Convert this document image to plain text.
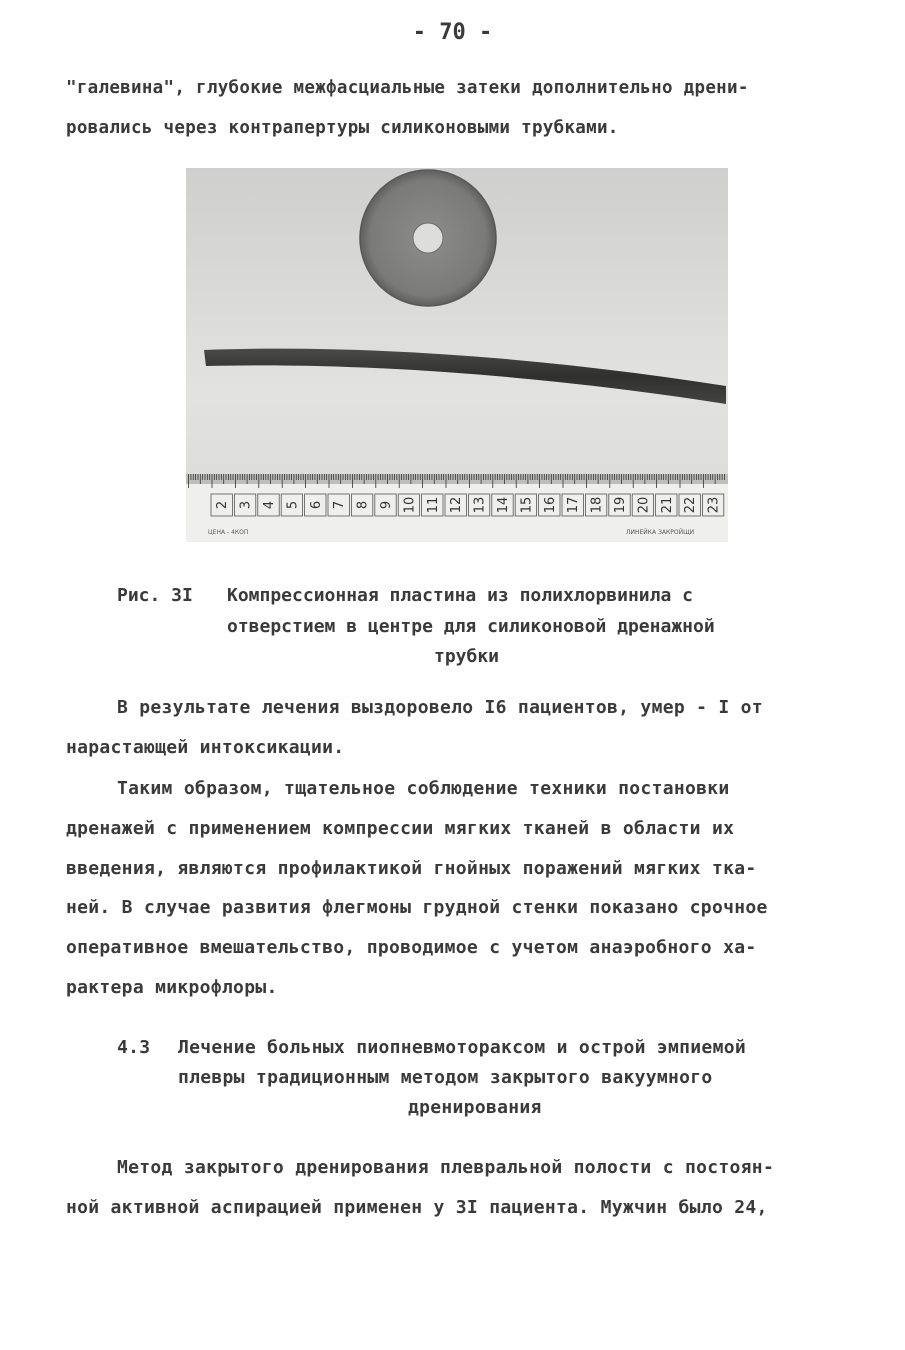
- 70 -
"галевина", глубокие межфасциальные затеки дополнительно дрени-
ровались через контрапертуры силиконовыми трубками.
2 3 4 5 6 7 8 9 10 11 12 13 14 15 16 17 18 19 20 21 22 23
ЦЕНА - 4КОП	ЛИНЕЙКА ЗАКРОЙЩИ
Рис. 3I Компрессионная пластина из полихлорвинила с
отверстием в центре для силиконовой дренажной
трубки
В результате лечения выздоровело I6 пациентов, умер - I от
нарастающей интоксикации.
Таким образом, тщательное соблюдение техники постановки
дренажей с применением компрессии мягких тканей в области их
введения, являются профилактикой гнойных поражений мягких тка-
ней. В случае развития флегмоны грудной стенки показано срочное
оперативное вмешательство, проводимое с учетом анаэробного ха-
рактера микрофлоры.
4.3 Лечение больных пиопневмотораксом и острой эмпиемой
плевры традиционным методом закрытого вакуумного
дренирования
Метод закрытого дренирования плевральной полости с постоян-
ной активной аспирацией применен у 3I пациента. Мужчин было 24,
